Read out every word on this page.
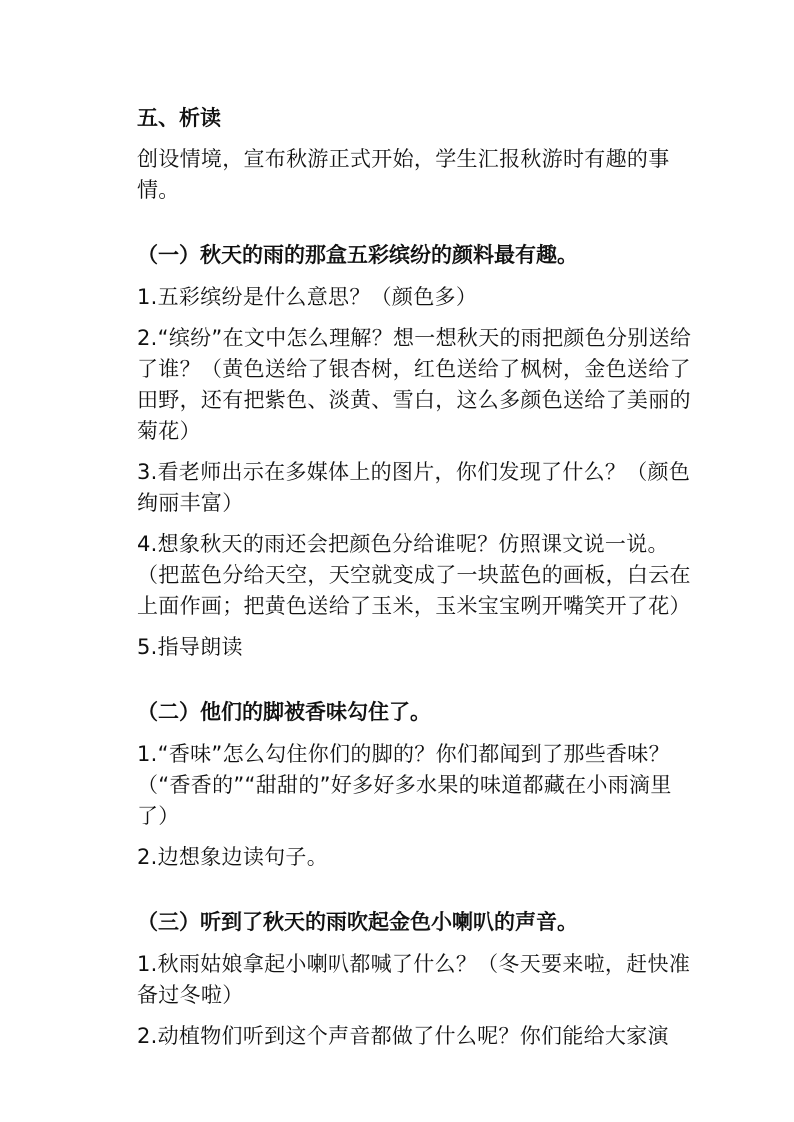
五、析读
创设情境，宣布秋游正式开始，学生汇报秋游时有趣的事情。
（一）秋天的雨的那盒五彩缤纷的颜料最有趣。
1.五彩缤纷是什么意思？（颜色多）
2.“缤纷”在文中怎么理解？想一想秋天的雨把颜色分别送给了谁？（黄色送给了银杏树，红色送给了枫树，金色送给了田野，还有把紫色、淡黄、雪白，这么多颜色送给了美丽的菊花）
3.看老师出示在多媒体上的图片，你们发现了什么？（颜色绚丽丰富）
4.想象秋天的雨还会把颜色分给谁呢？仿照课文说一说。（把蓝色分给天空，天空就变成了一块蓝色的画板，白云在上面作画；把黄色送给了玉米，玉米宝宝咧开嘴笑开了花）
5.指导朗读
（二）他们的脚被香味勾住了。
1.“香味”怎么勾住你们的脚的？你们都闻到了那些香味？（“香香的”“甜甜的”好多好多水果的味道都藏在小雨滴里了）
2.边想象边读句子。
（三）听到了秋天的雨吹起金色小喇叭的声音。
1.秋雨姑娘拿起小喇叭都喊了什么？（冬天要来啦，赶快准备过冬啦）
2.动植物们听到这个声音都做了什么呢？你们能给大家演
